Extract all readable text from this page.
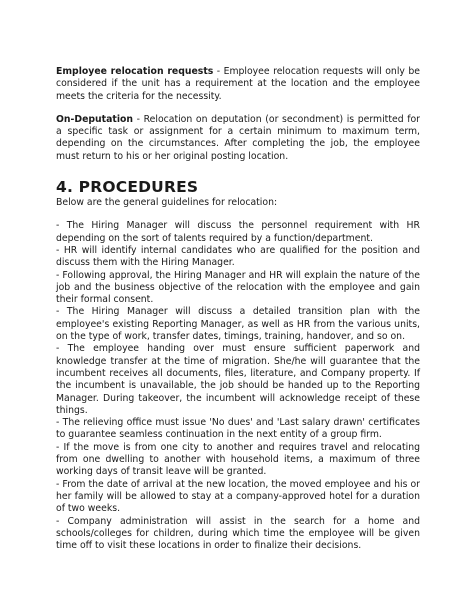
Employee relocation requests - Employee relocation requests will only be considered if the unit has a requirement at the location and the employee meets the criteria for the necessity.

On-Deputation - Relocation on deputation (or secondment) is permitted for a specific task or assignment for a certain minimum to maximum term, depending on the circumstances. After completing the job, the employee must return to his or her original posting location.

4. PROCEDURES

Below are the general guidelines for relocation:

- The Hiring Manager will discuss the personnel requirement with HR depending on the sort of talents required by a function/department.

- HR will identify internal candidates who are qualified for the position and discuss them with the Hiring Manager.

- Following approval, the Hiring Manager and HR will explain the nature of the job and the business objective of the relocation with the employee and gain their formal consent.

- The Hiring Manager will discuss a detailed transition plan with the employee's existing Reporting Manager, as well as HR from the various units, on the type of work, transfer dates, timings, training, handover, and so on.

- The employee handing over must ensure sufficient paperwork and knowledge transfer at the time of migration. She/he will guarantee that the incumbent receives all documents, files, literature, and Company property. If the incumbent is unavailable, the job should be handed up to the Reporting Manager. During takeover, the incumbent will acknowledge receipt of these things.

- The relieving office must issue 'No dues' and 'Last salary drawn' certificates to guarantee seamless continuation in the next entity of a group firm.

- If the move is from one city to another and requires travel and relocating from one dwelling to another with household items, a maximum of three working days of transit leave will be granted.

- From the date of arrival at the new location, the moved employee and his or her family will be allowed to stay at a company-approved hotel for a duration of two weeks.

- Company administration will assist in the search for a home and schools/colleges for children, during which time the employee will be given time off to visit these locations in order to finalize their decisions.
